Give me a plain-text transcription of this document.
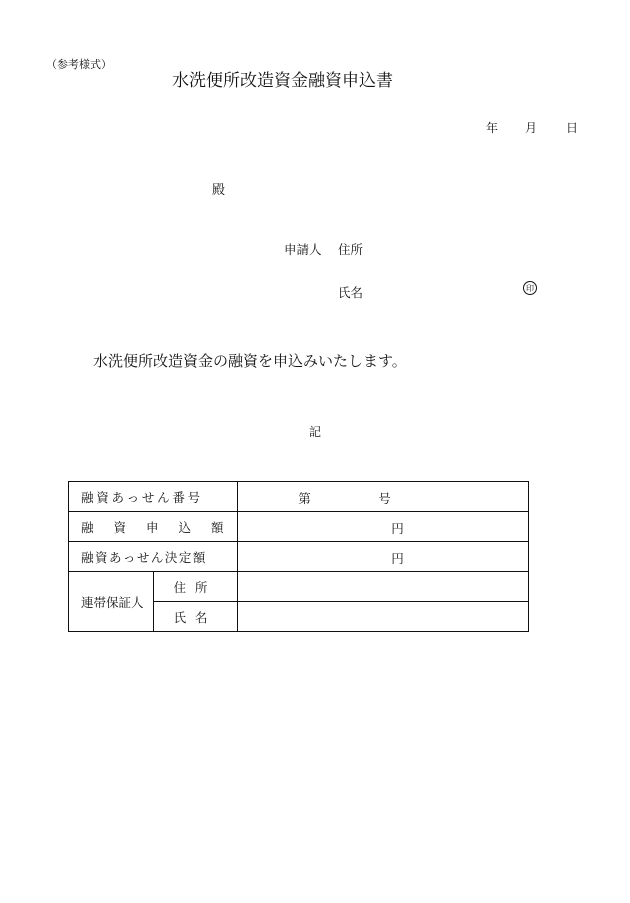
（参考様式）
水洗便所改造資金融資申込書
年 月 日
殿
申請人 住所
氏名	印
水洗便所改造資金の融資を申込みいたします。
記
融資あっせん番号		第 号

融資申込額		円

融資あっせん決定額		円

連帯保証人	住所	
	氏名	
